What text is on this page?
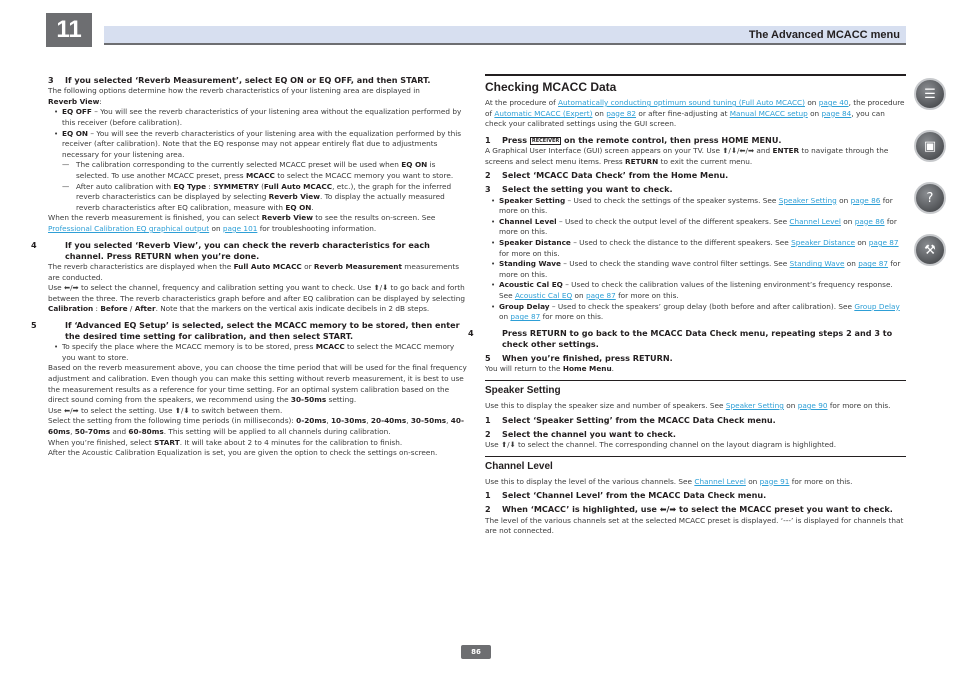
11	The Advanced MCACC menu
3 If you selected ‘Reverb Measurement’, select EQ ON or EQ OFF, and then START.
The following options determine how the reverb characteristics of your listening area are displayed in
Reverb View:
• EQ OFF – You will see the reverb characteristics of your listening area without the equalization performed by this receiver (before calibration).
• EQ ON – You will see the reverb characteristics of your listening area with the equalization performed by this receiver (after calibration). Note that the EQ response may not appear entirely flat due to adjustments necessary for your listening area.
— The calibration corresponding to the currently selected MCACC preset will be used when EQ ON is selected. To use another MCACC preset, press MCACC to select the MCACC memory you want to store.
— After auto calibration with EQ Type : SYMMETRY (Full Auto MCACC, etc.), the graph for the inferred reverb characteristics can be displayed by selecting Reverb View. To display the actually measured reverb characteristics after EQ calibration, measure with EQ ON.
When the reverb measurement is finished, you can select Reverb View to see the results on-screen. See Professional Calibration EQ graphical output on page 101 for troubleshooting information.
4	If you selected ‘Reverb View’, you can check the reverb characteristics for each channel. Press RETURN when you’re done.
The reverb characteristics are displayed when the Full Auto MCACC or Reverb Measurement measurements are conducted.
Use ⬅/➡ to select the channel, frequency and calibration setting you want to check. Use ⬆/⬇ to go back and forth between the three. The reverb characteristics graph before and after EQ calibration can be displayed by selecting Calibration : Before / After. Note that the markers on the vertical axis indicate decibels in 2 dB steps.
5	If ‘Advanced EQ Setup’ is selected, select the MCACC memory to be stored, then enter the desired time setting for calibration, and then select START.
• To specify the place where the MCACC memory is to be stored, press MCACC to select the MCACC memory you want to store.
Based on the reverb measurement above, you can choose the time period that will be used for the final frequency adjustment and calibration. Even though you can make this setting without reverb measurement, it is best to use the measurement results as a reference for your time setting. For an optimal system calibration based on the direct sound coming from the speakers, we recommend using the 30-50ms setting.
Use ⬅/➡ to select the setting. Use ⬆/⬇ to switch between them.
Select the setting from the following time periods (in milliseconds): 0-20ms, 10-30ms, 20-40ms, 30-50ms, 40-60ms, 50-70ms and 60-80ms. This setting will be applied to all channels during calibration.
When you’re finished, select START. It will take about 2 to 4 minutes for the calibration to finish.
After the Acoustic Calibration Equalization is set, you are given the option to check the settings on-screen.
Checking MCACC Data
At the procedure of Automatically conducting optimum sound tuning (Full Auto MCACC) on page 40, the procedure of Automatic MCACC (Expert) on page 82 or after fine-adjusting at Manual MCACC setup on page 84, you can check your calibrated settings using the GUI screen.
1 Press RECEIVER on the remote control, then press HOME MENU.
A Graphical User Interface (GUI) screen appears on your TV. Use ⬆/⬇/⬅/➡ and ENTER to navigate through the screens and select menu items. Press RETURN to exit the current menu.
2 Select ‘MCACC Data Check’ from the Home Menu.
3 Select the setting you want to check.
• Speaker Setting – Used to check the settings of the speaker systems. See Speaker Setting on page 86 for more on this.
• Channel Level – Used to check the output level of the different speakers. See Channel Level on page 86 for more on this.
• Speaker Distance – Used to check the distance to the different speakers. See Speaker Distance on page 87 for more on this.
• Standing Wave – Used to check the standing wave control filter settings. See Standing Wave on page 87 for more on this.
• Acoustic Cal EQ – Used to check the calibration values of the listening environment’s frequency response. See Acoustic Cal EQ on page 87 for more on this.
• Group Delay – Used to check the speakers’ group delay (both before and after calibration). See Group Delay on page 87 for more on this.
4	Press RETURN to go back to the MCACC Data Check menu, repeating steps 2 and 3 to check other settings.
5 When you’re finished, press RETURN.
You will return to the Home Menu.
Speaker Setting
Use this to display the speaker size and number of speakers. See Speaker Setting on page 90 for more on this.
1 Select ‘Speaker Setting’ from the MCACC Data Check menu.
2 Select the channel you want to check.
Use ⬆/⬇ to select the channel. The corresponding channel on the layout diagram is highlighted.
Channel Level
Use this to display the level of the various channels. See Channel Level on page 91 for more on this.
1 Select ‘Channel Level’ from the MCACC Data Check menu.
2 When ‘MCACC’ is highlighted, use ⬅/➡ to select the MCACC preset you want to check.
The level of the various channels set at the selected MCACC preset is displayed. ‘---’ is displayed for channels that are not connected.
☰
▣
?
⚒
86
